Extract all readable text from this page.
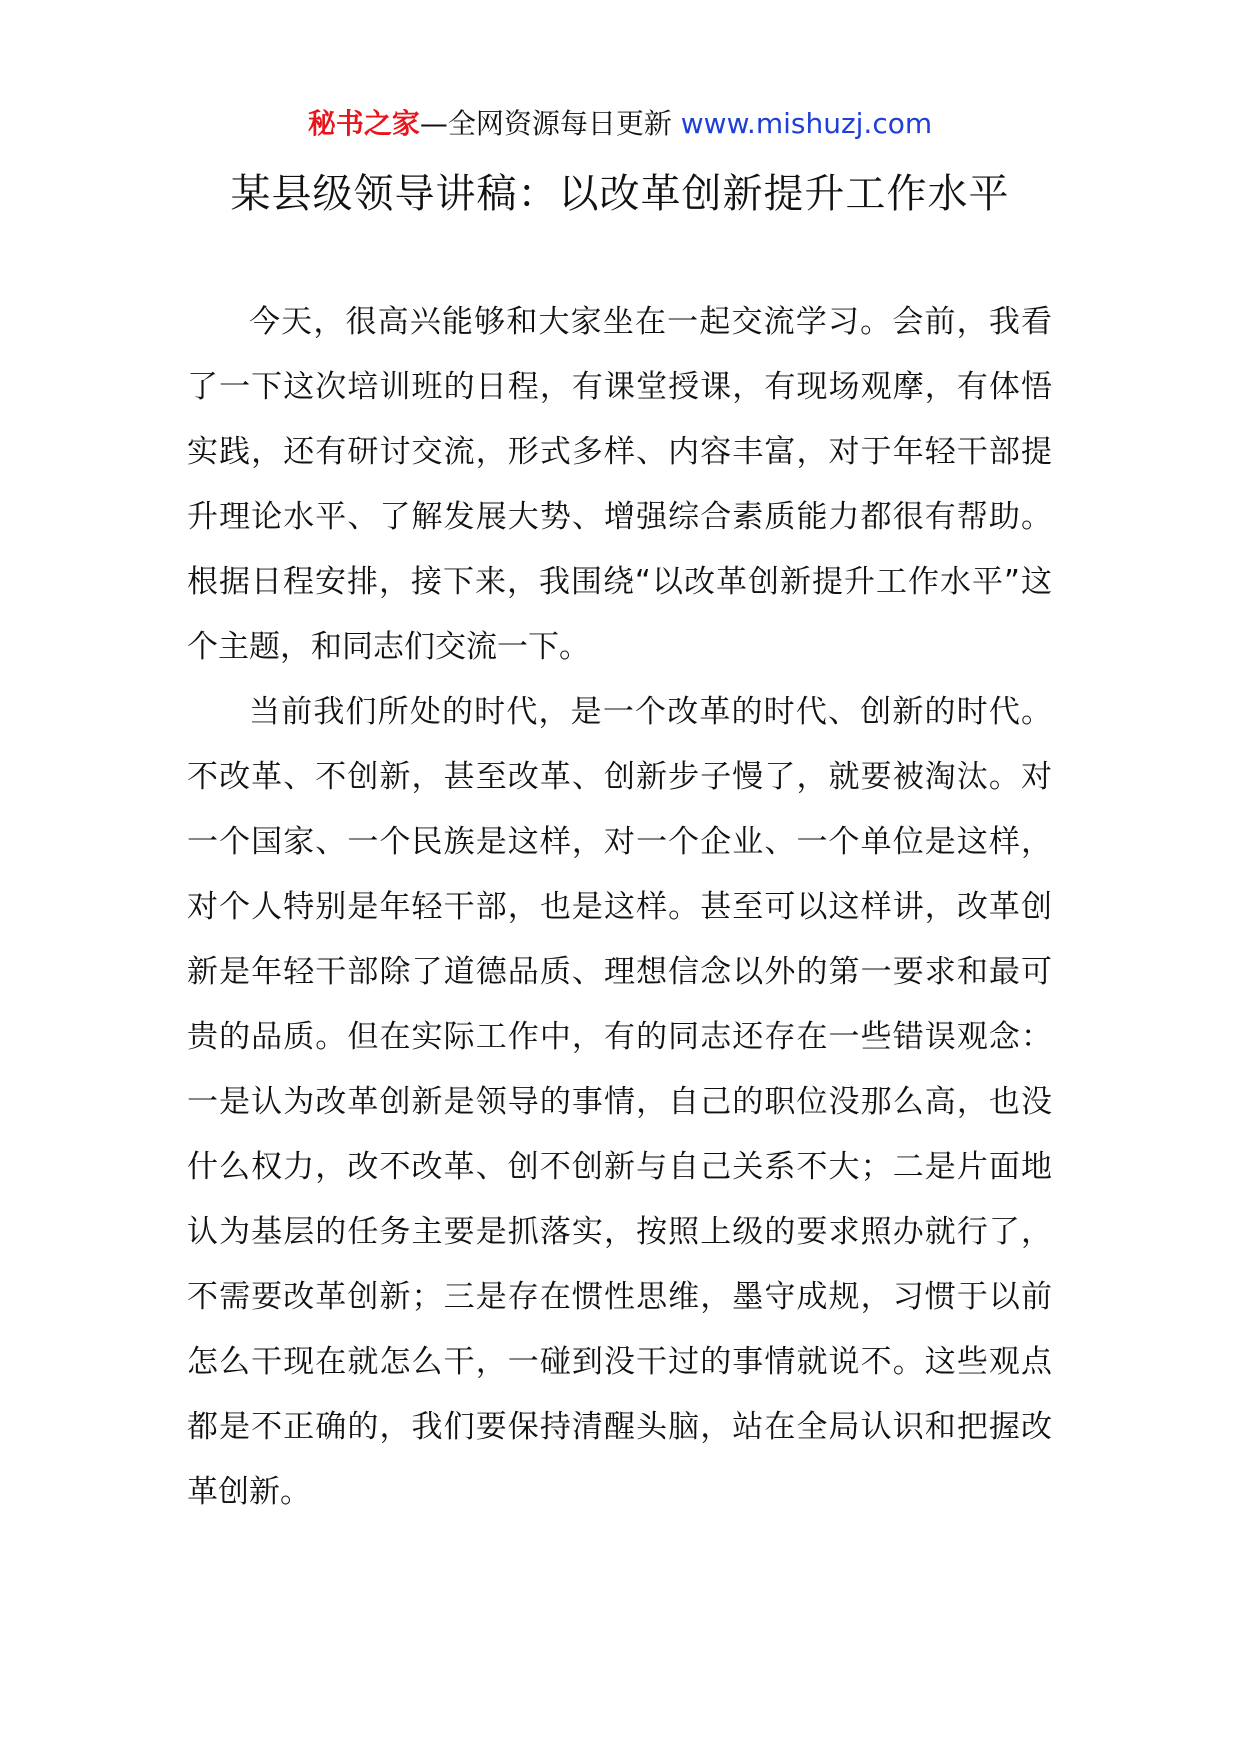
秘书之家—全网资源每日更新 www.mishuzj.com
某县级领导讲稿：以改革创新提升工作水平

今天，很高兴能够和大家坐在一起交流学习。会前，我看了一下这次培训班的日程，有课堂授课，有现场观摩，有体悟实践，还有研讨交流，形式多样、内容丰富，对于年轻干部提升理论水平、了解发展大势、增强综合素质能力都很有帮助。根据日程安排，接下来，我围绕“以改革创新提升工作水平”这个主题，和同志们交流一下。

当前我们所处的时代，是一个改革的时代、创新的时代。不改革、不创新，甚至改革、创新步子慢了，就要被淘汰。对一个国家、一个民族是这样，对一个企业、一个单位是这样，对个人特别是年轻干部，也是这样。甚至可以这样讲，改革创新是年轻干部除了道德品质、理想信念以外的第一要求和最可贵的品质。但在实际工作中，有的同志还存在一些错误观念：一是认为改革创新是领导的事情，自己的职位没那么高，也没什么权力，改不改革、创不创新与自己关系不大；二是片面地认为基层的任务主要是抓落实，按照上级的要求照办就行了，不需要改革创新；三是存在惯性思维，墨守成规，习惯于以前怎么干现在就怎么干，一碰到没干过的事情就说不。这些观点都是不正确的，我们要保持清醒头脑，站在全局认识和把握改革创新。
